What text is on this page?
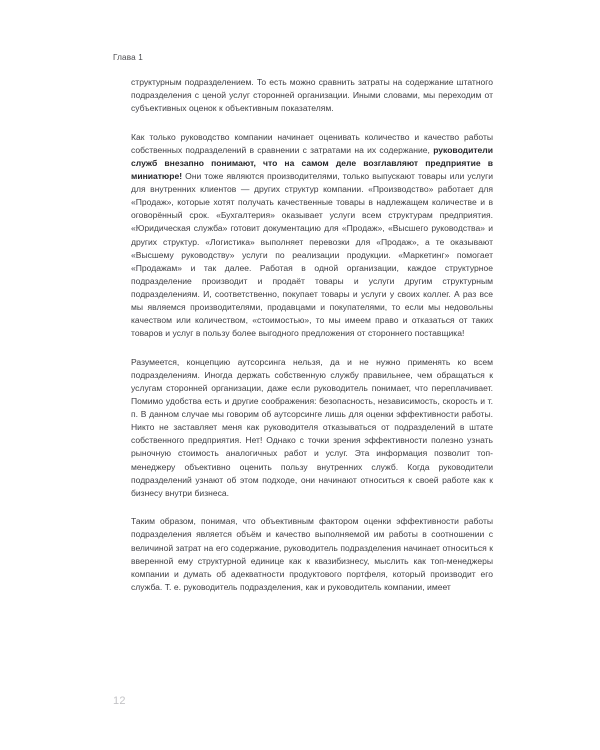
Глава 1

структурным подразделением. То есть можно сравнить затраты на содержание штатного подразделения с ценой услуг сторонней организации. Иными словами, мы переходим от субъективных оценок к объективным показателям.

Как только руководство компании начинает оценивать количество и качество работы собственных подразделений в сравнении с затратами на их содержание, руководители служб внезапно понимают, что на самом деле возглавляют предприятие в миниатюре! Они тоже являются производителями, только выпускают товары или услуги для внутренних клиентов — других структур компании. «Производство» работает для «Продаж», которые хотят получать качественные товары в надлежащем количестве и в оговорённый срок. «Бухгалтерия» оказывает услуги всем структурам предприятия. «Юридическая служба» готовит документацию для «Продаж», «Высшего руководства» и других структур. «Логистика» выполняет перевозки для «Продаж», а те оказывают «Высшему руководству» услуги по реализации продукции. «Маркетинг» помогает «Продажам» и так далее. Работая в одной организации, каждое структурное подразделение производит и продаёт товары и услуги другим структурным подразделениям. И, соответственно, покупает товары и услуги у своих коллег. А раз все мы являемся производителями, продавцами и покупателями, то если мы недовольны качеством или количеством, «стоимостью», то мы имеем право и отказаться от таких товаров и услуг в пользу более выгодного предложения от стороннего поставщика!

Разумеется, концепцию аутсорсинга нельзя, да и не нужно применять ко всем подразделениям. Иногда держать собственную службу правильнее, чем обращаться к услугам сторонней организации, даже если руководитель понимает, что переплачивает. Помимо удобства есть и другие соображения: безопасность, независимость, скорость и т. п. В данном случае мы говорим об аутсорсинге лишь для оценки эффективности работы. Никто не заставляет меня как руководителя отказываться от подразделений в штате собственного предприятия. Нет! Однако с точки зрения эффективности полезно узнать рыночную стоимость аналогичных работ и услуг. Эта информация позволит топ-менеджеру объективно оценить пользу внутренних служб. Когда руководители подразделений узнают об этом подходе, они начинают относиться к своей работе как к бизнесу внутри бизнеса.

Таким образом, понимая, что объективным фактором оценки эффективности работы подразделения является объём и качество выполняемой им работы в соотношении с величиной затрат на его содержание, руководитель подразделения начинает относиться к вверенной ему структурной единице как к квазибизнесу, мыслить как топ-менеджеры компании и думать об адекватности продуктового портфеля, который производит его служба. Т. е. руководитель подразделения, как и руководитель компании, имеет

12
